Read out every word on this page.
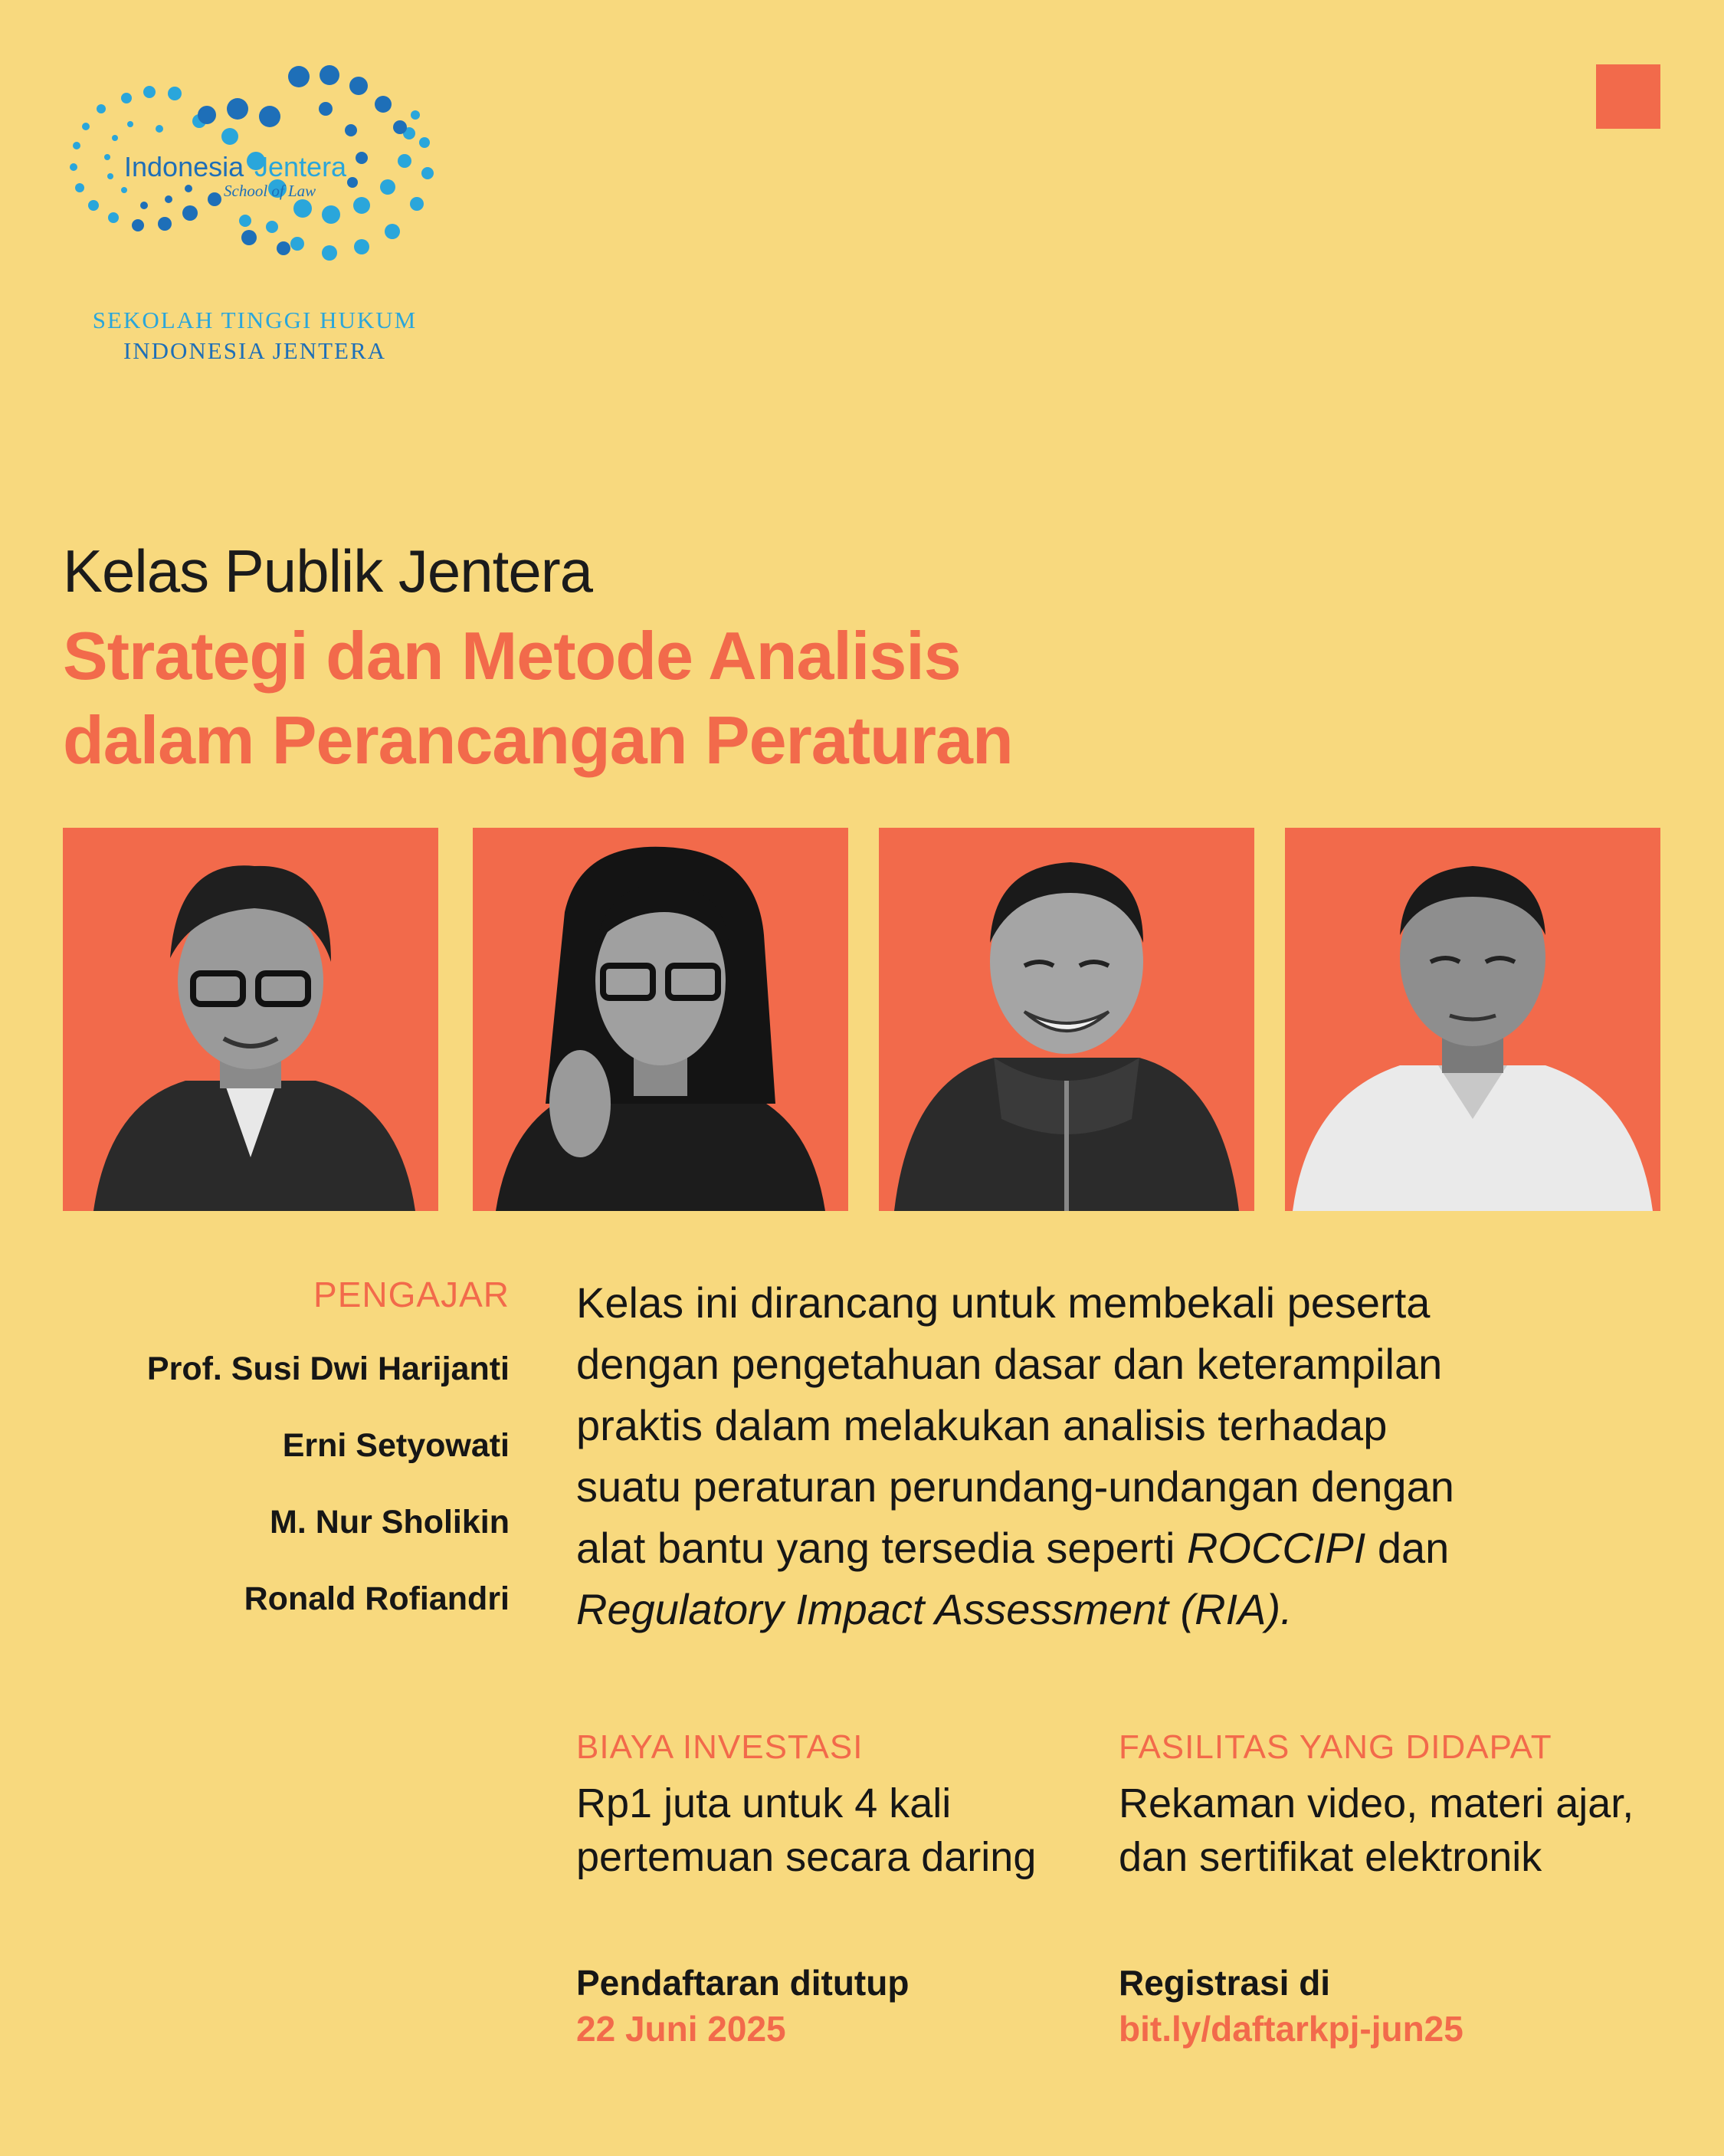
Indonesia Jentera
School of Law
SEKOLAH TINGGI HUKUM
INDONESIA JENTERA
Kelas Publik Jentera
Strategi dan Metode Analisis
dalam Perancangan Peraturan
PENGAJAR
Prof. Susi Dwi Harijanti
Erni Setyowati
M. Nur Sholikin
Ronald Rofiandri
Kelas ini dirancang untuk membekali peserta
dengan pengetahuan dasar dan keterampilan
praktis dalam melakukan analisis terhadap
suatu peraturan perundang-undangan dengan
alat bantu yang tersedia seperti ROCCIPI dan
Regulatory Impact Assessment (RIA).
BIAYA INVESTASI
Rp1 juta untuk 4 kali
pertemuan secara daring
FASILITAS YANG DIDAPAT
Rekaman video, materi ajar,
dan sertifikat elektronik
Pendaftaran ditutup
22 Juni 2025
Registrasi di
bit.ly/daftarkpj-jun25
